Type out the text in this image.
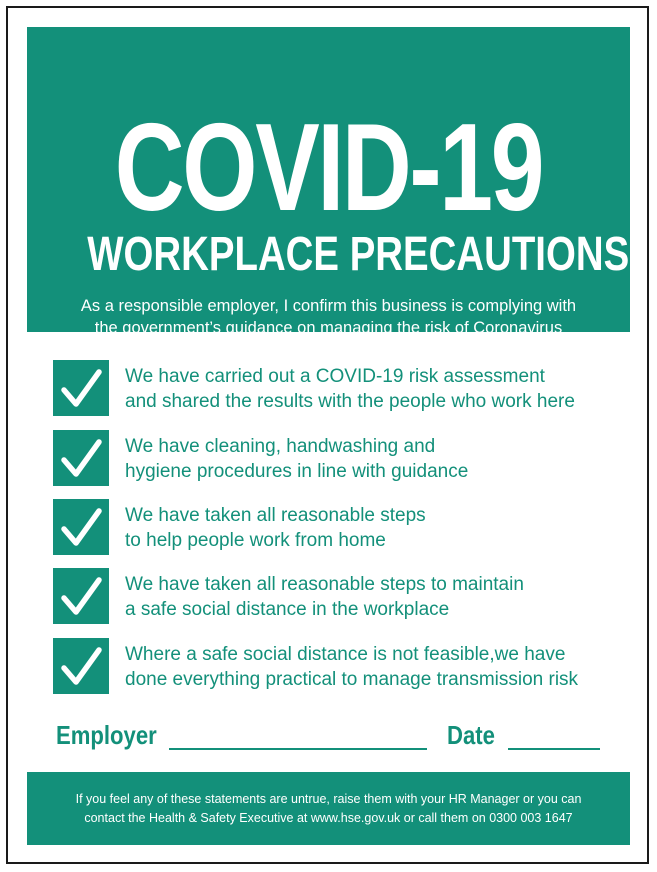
COVID-19
WORKPLACE PRECAUTIONS

As a responsible employer, I confirm this business is complying with
the government’s guidance on managing the risk of Coronavirus

We have carried out a COVID-19 risk assessment
and shared the results with the people who work here
We have cleaning, handwashing and
hygiene procedures in line with guidance
We have taken all reasonable steps
to help people work from home
We have taken all reasonable steps to maintain
a safe social distance in the workplace
Where a safe social distance is not feasible,we have
done everything practical to manage transmission risk
Employer	Date

If you feel any of these statements are untrue, raise them with your HR Manager or you can
contact the Health & Safety Executive at www.hse.gov.uk or call them on 0300 003 1647
